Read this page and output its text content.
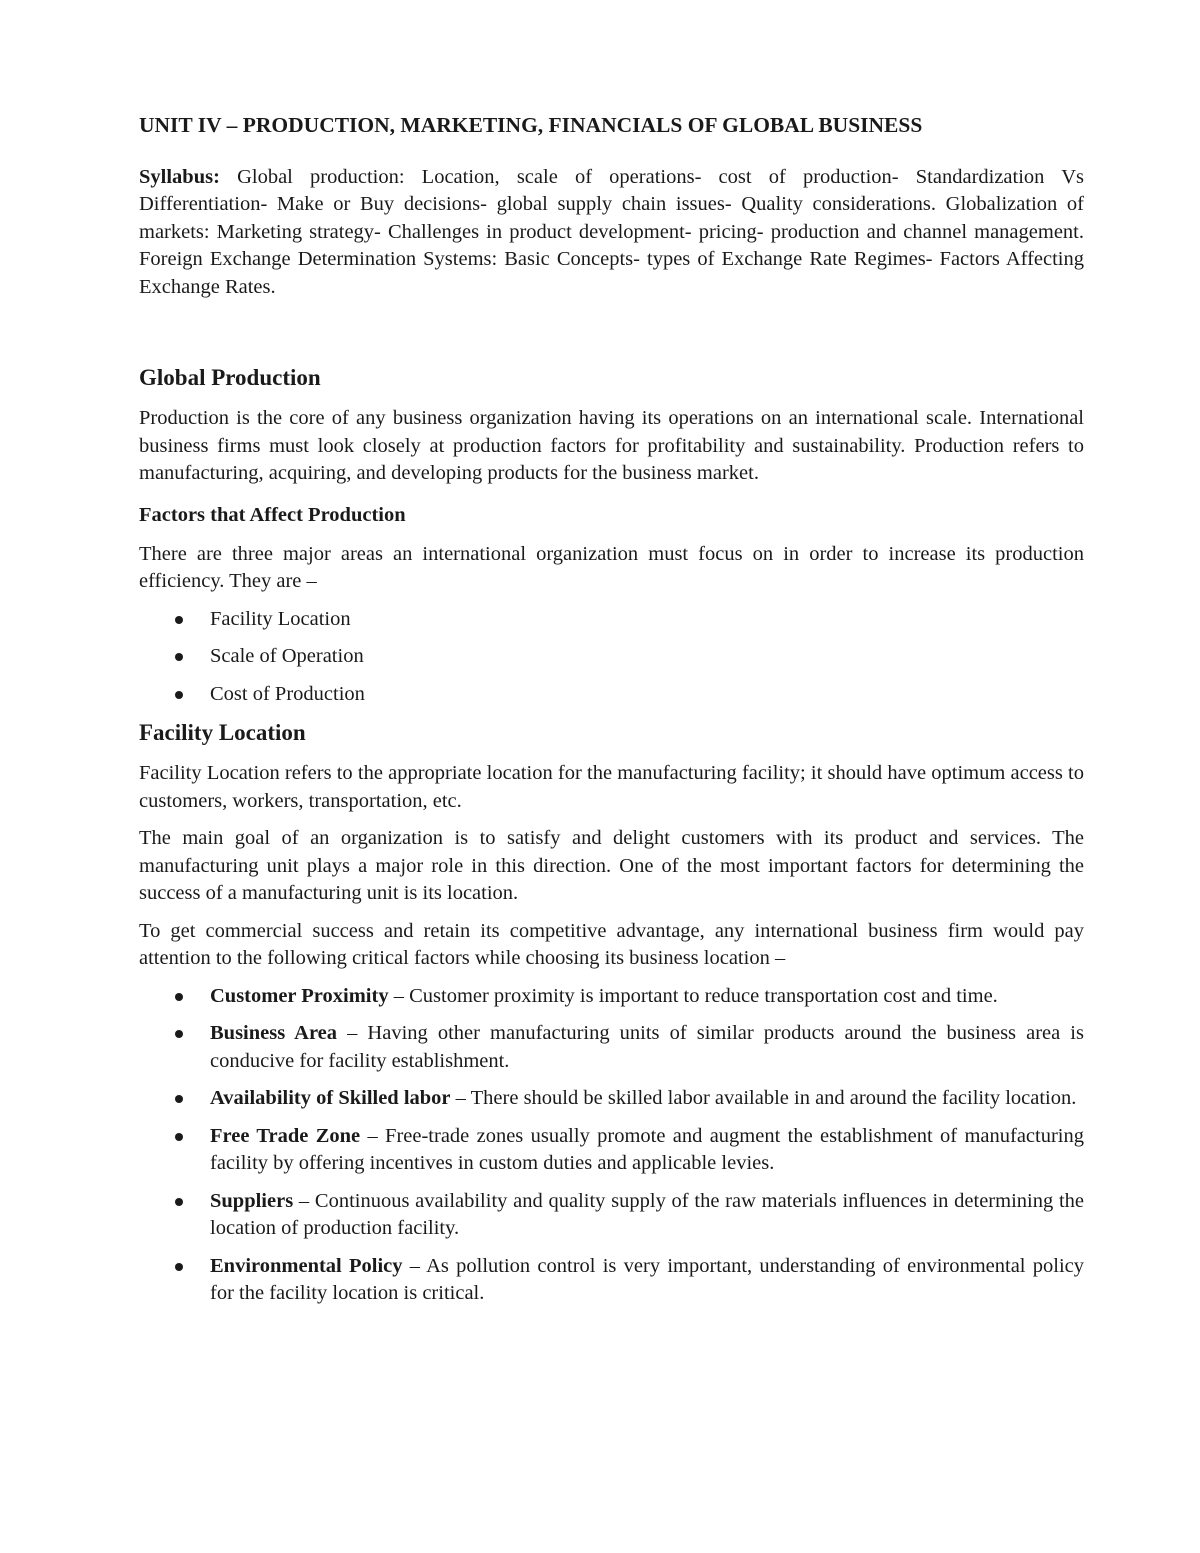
UNIT IV – PRODUCTION, MARKETING, FINANCIALS OF GLOBAL BUSINESS

Syllabus: Global production: Location, scale of operations- cost of production- Standardization Vs Differentiation- Make or Buy decisions- global supply chain issues- Quality considerations. Globalization of markets: Marketing strategy- Challenges in product development- pricing- production and channel management. Foreign Exchange Determination Systems: Basic Concepts- types of Exchange Rate Regimes- Factors Affecting Exchange Rates.

Global Production

Production is the core of any business organization having its operations on an international scale. International business firms must look closely at production factors for profitability and sustainability. Production refers to manufacturing, acquiring, and developing products for the business market.

Factors that Affect Production

There are three major areas an international organization must focus on in order to increase its production efficiency. They are –

Facility Location
Scale of Operation
Cost of Production
Facility Location

Facility Location refers to the appropriate location for the manufacturing facility; it should have optimum access to customers, workers, transportation, etc.

The main goal of an organization is to satisfy and delight customers with its product and services. The manufacturing unit plays a major role in this direction. One of the most important factors for determining the success of a manufacturing unit is its location.

To get commercial success and retain its competitive advantage, any international business firm would pay attention to the following critical factors while choosing its business location –

Customer Proximity – Customer proximity is important to reduce transportation cost and time.
Business Area – Having other manufacturing units of similar products around the business area is conducive for facility establishment.
Availability of Skilled labor – There should be skilled labor available in and around the facility location.
Free Trade Zone – Free-trade zones usually promote and augment the establishment of manufacturing facility by offering incentives in custom duties and applicable levies.
Suppliers – Continuous availability and quality supply of the raw materials influences in determining the location of production facility.
Environmental Policy – As pollution control is very important, understanding of environmental policy for the facility location is critical.
